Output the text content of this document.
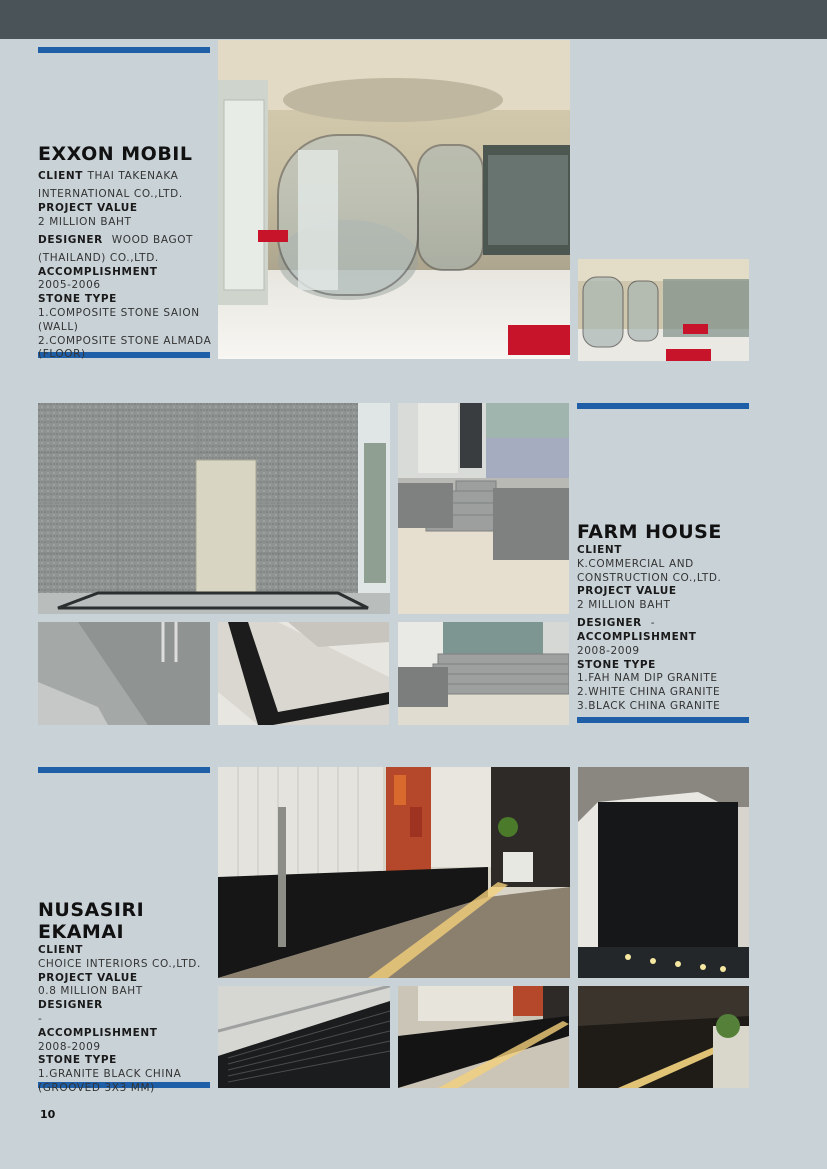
EXXON MOBIL
CLIENT THAI TAKENAKA INTERNATIONAL CO.,LTD.
PROJECT VALUE
2 MILLION BAHT
DESIGNER WOOD BAGOT (THAILAND) CO.,LTD.
ACCOMPLISHMENT
2005-2006
STONE TYPE
1.COMPOSITE STONE SAION (WALL)
2.COMPOSITE STONE ALMADA (FLOOR)
FARM HOUSE
CLIENT
K.COMMERCIAL AND CONSTRUCTION CO.,LTD.
PROJECT VALUE
2 MILLION BAHT
DESIGNER -
ACCOMPLISHMENT
2008-2009
STONE TYPE
1.FAH NAM DIP GRANITE
2.WHITE CHINA GRANITE
3.BLACK CHINA GRANITE
NUSASIRI EKAMAI
CLIENT
CHOICE INTERIORS CO.,LTD.
PROJECT VALUE
0.8 MILLION BAHT
DESIGNER
-
ACCOMPLISHMENT
2008-2009
STONE TYPE
1.GRANITE BLACK CHINA (GROOVED 3X3 MM)
10
